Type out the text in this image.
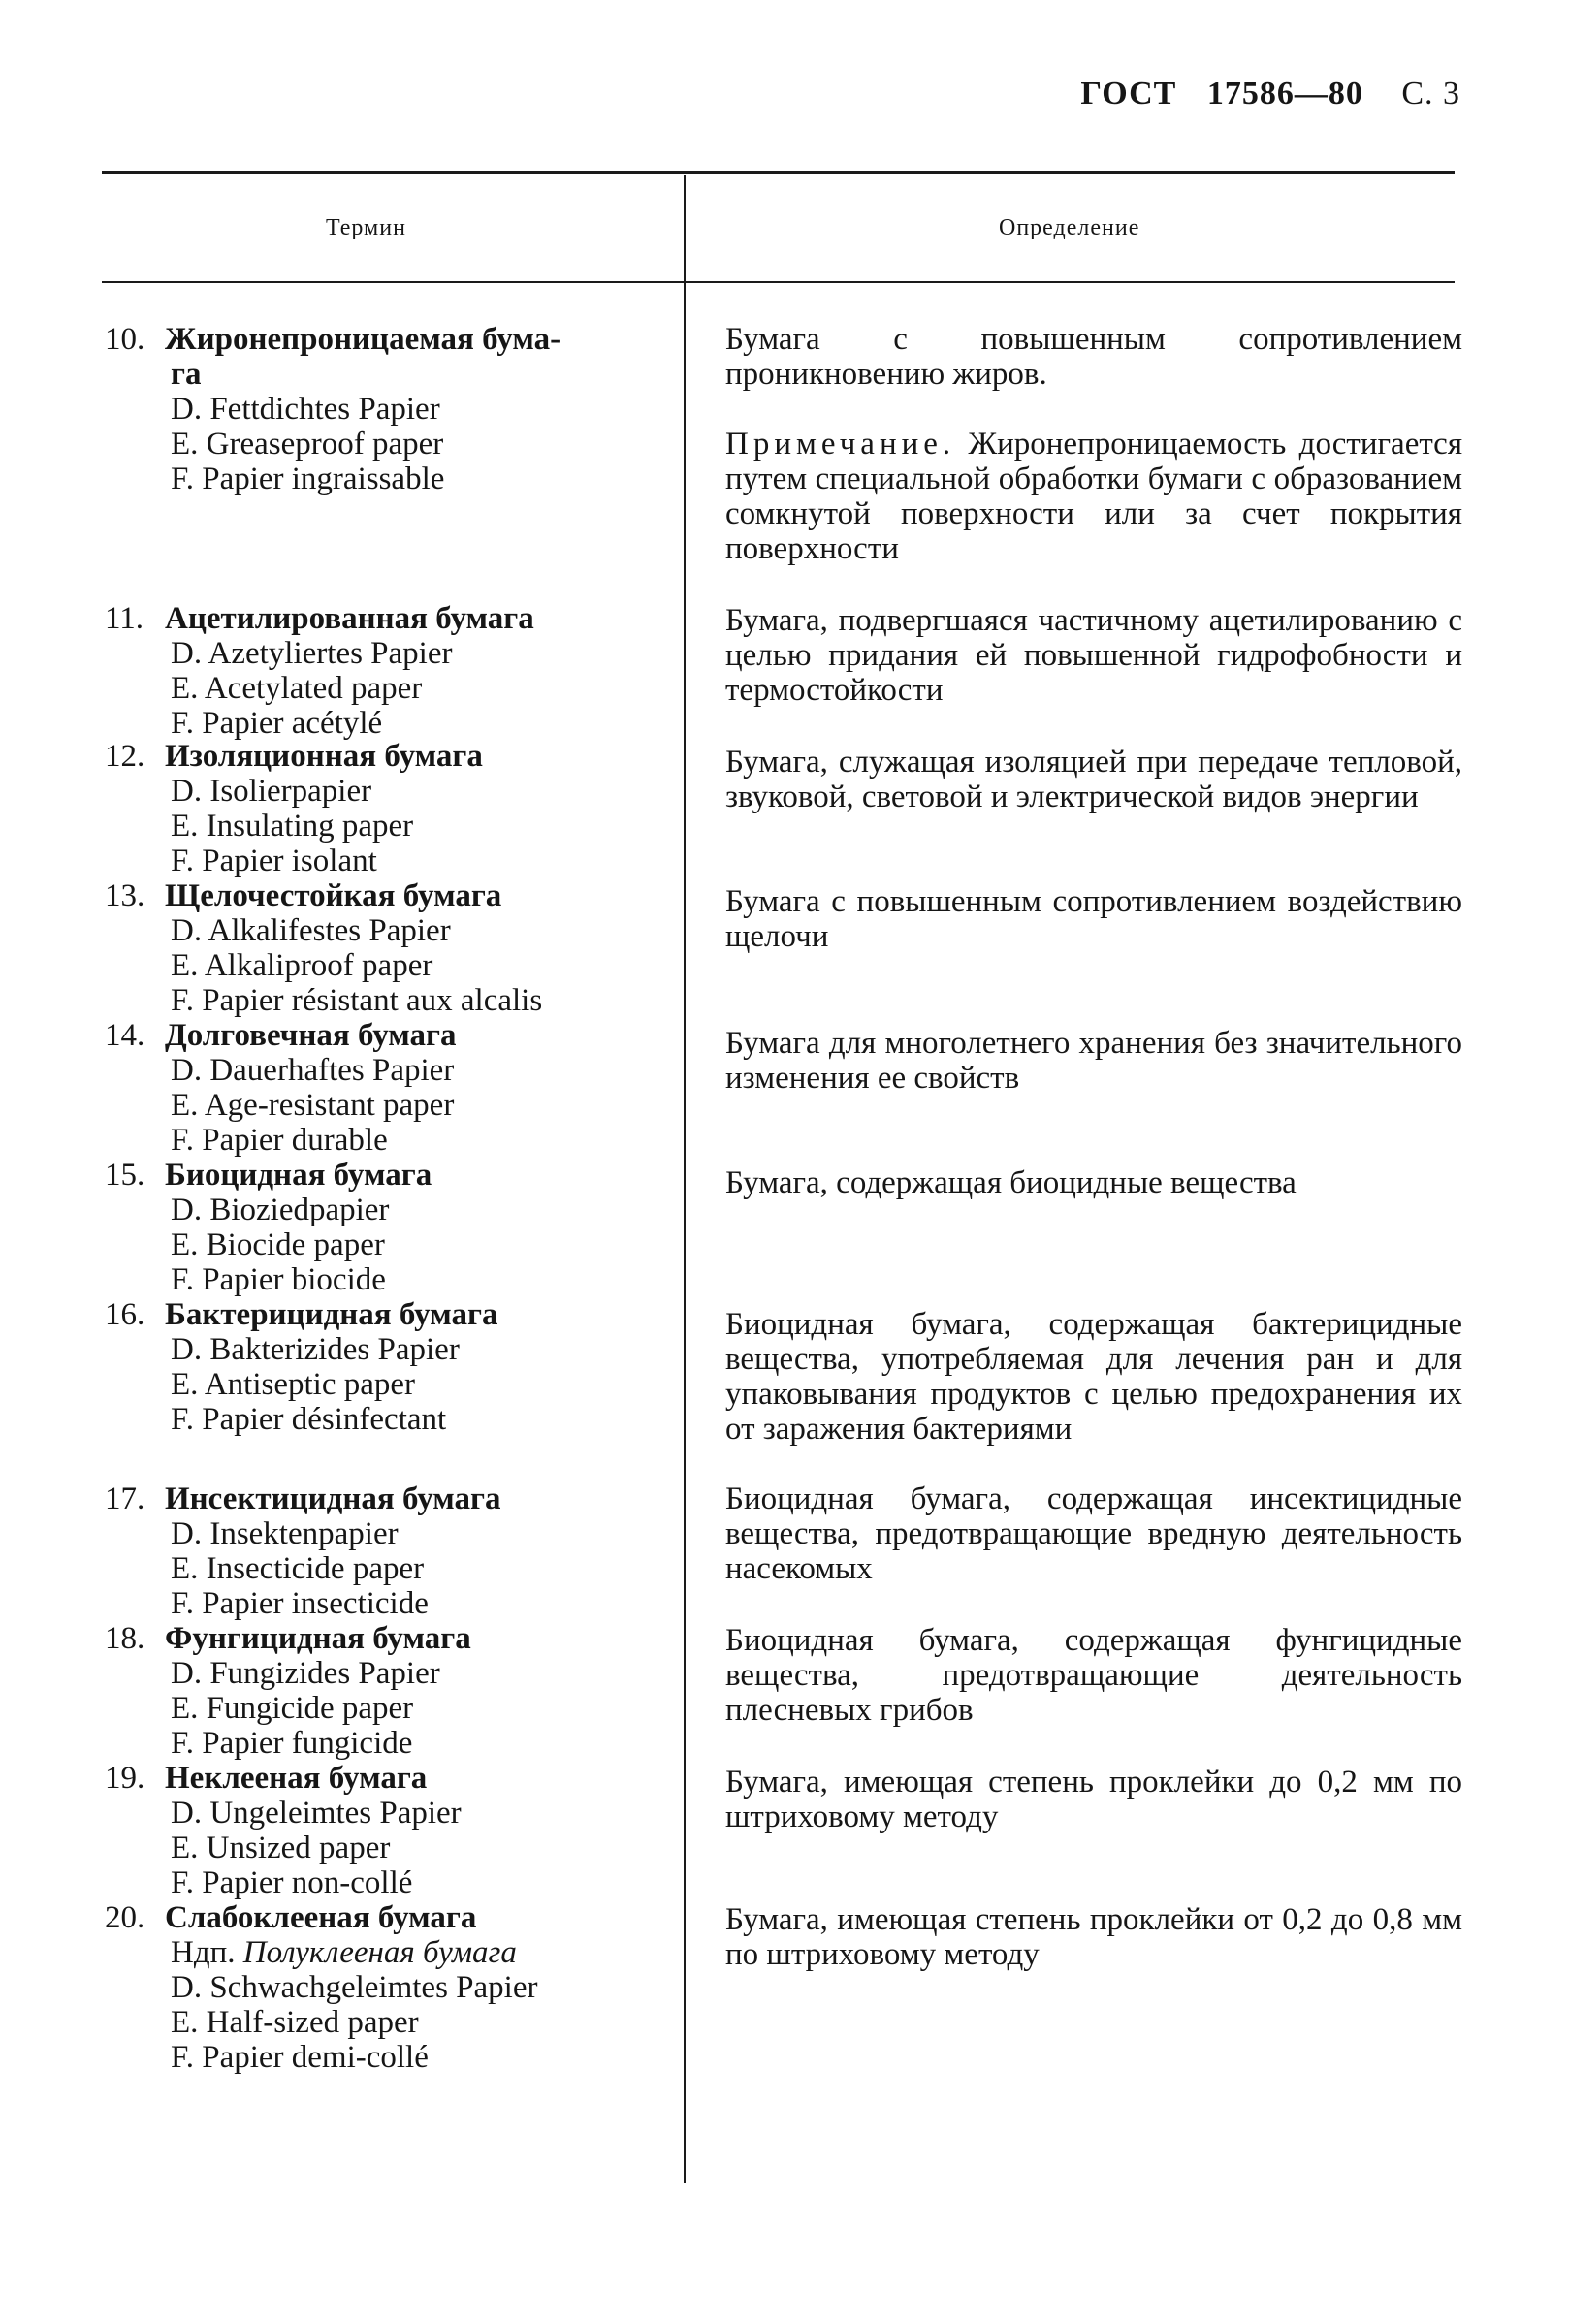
ГОСТ 17586—80 С. 3
Термин	Определение
10. Жиронепроницаемая бума-
га
D. Fettdichtes Papier
E. Greaseproof paper
F. Papier ingraissable

Бумага с повышенным сопротивлением проникновению жиров.

Примечание. Жиронепроницаемость достигается путем специальной обработки бумаги с образованием сомкнутой поверхности или за счет покрытия поверхности

11. Ацетилированная бумага
D. Azetyliertes Papier
E. Acetylated paper
F. Papier acétylé

Бумага, подвергшаяся частичному ацетилированию с целью придания ей повышенной гидрофобности и термостойкости

12. Изоляционная бумага
D. Isolierpapier
E. Insulating paper
F. Papier isolant

Бумага, служащая изоляцией при передаче тепловой, звуковой, световой и электрической видов энергии

13. Щелочестойкая бумага
D. Alkalifestes Papier
E. Alkaliproof paper
F. Papier résistant aux alcalis

Бумага с повышенным сопротивлением воздействию щелочи

14. Долговечная бумага
D. Dauerhaftes Papier
E. Age-resistant paper
F. Papier durable

Бумага для многолетнего хранения без значительного изменения ее свойств

15. Биоцидная бумага
D. Bioziedpapier
E. Biocide paper
F. Papier biocide

Бумага, содержащая биоцидные вещества

16. Бактерицидная бумага
D. Bakterizides Papier
E. Antiseptic paper
F. Papier désinfectant

Биоцидная бумага, содержащая бактерицидные вещества, употребляемая для лечения ран и для упаковывания продуктов с целью предохранения их от заражения бактериями

17. Инсектицидная бумага
D. Insektenpapier
E. Insecticide paper
F. Papier insecticide

Биоцидная бумага, содержащая инсектицидные вещества, предотвращающие вредную деятельность насекомых

18. Фунгицидная бумага
D. Fungizides Papier
E. Fungicide paper
F. Papier fungicide

Биоцидная бумага, содержащая фунгицидные вещества, предотвращающие деятельность плесневых грибов

19. Неклееная бумага
D. Ungeleimtes Papier
E. Unsized paper
F. Papier non-collé

Бумага, имеющая степень проклейки до 0,2 мм по штриховому методу

20. Слабоклееная бумага
Ндп. Полуклееная бумага
D. Schwachgeleimtes Papier
E. Half-sized paper
F. Papier demi-collé

Бумага, имеющая степень проклейки от 0,2 до 0,8 мм по штриховому методу
